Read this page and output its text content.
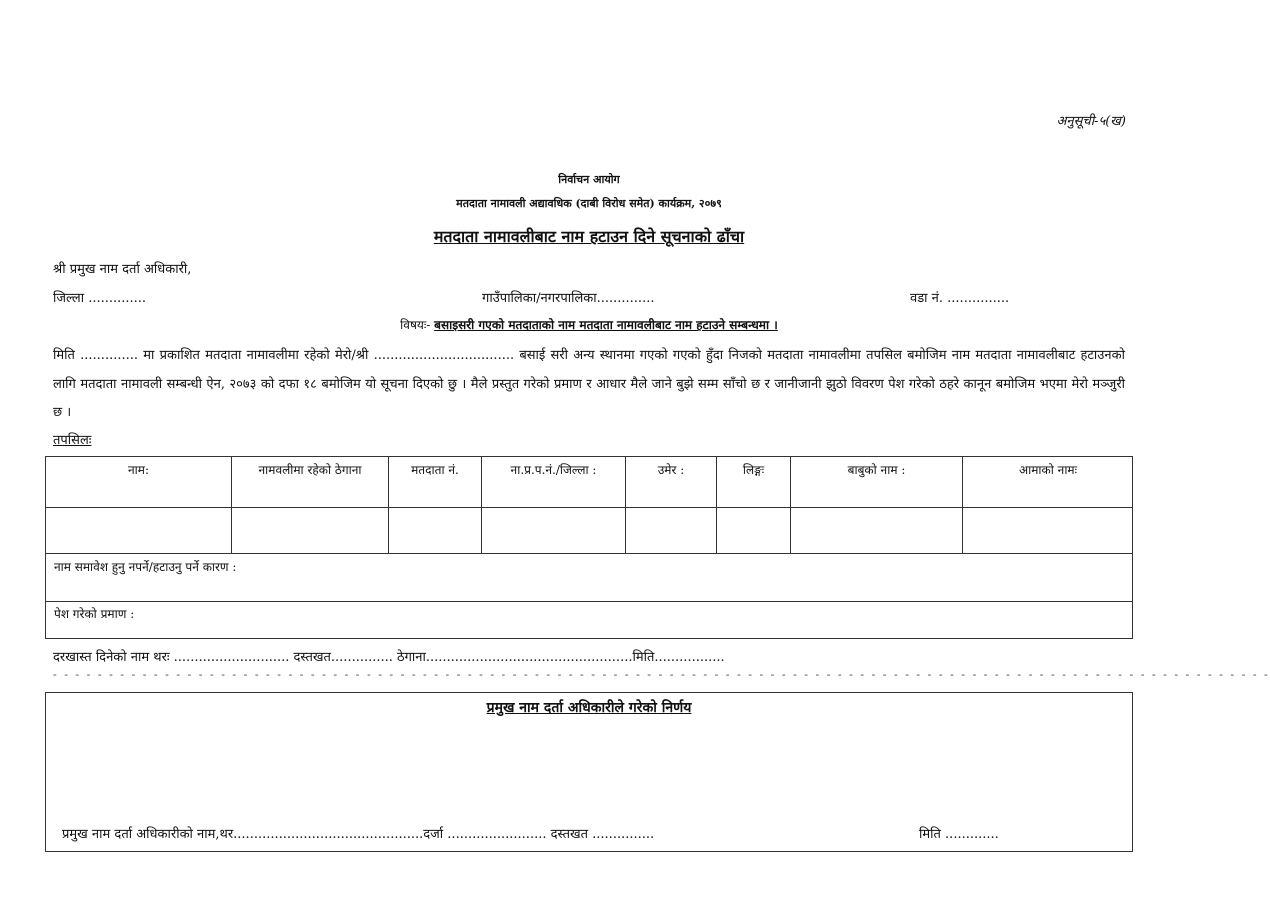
अनुसूची-५(ख)
निर्वाचन आयोग
मतदाता नामावली अद्यावधिक (दाबी विरोध समेत) कार्यक्रम, २०७९
मतदाता नामावलीबाट नाम हटाउन दिने सूचनाको ढाँचा
श्री प्रमुख नाम दर्ता अधिकारी,
जिल्ला ..............	गाउँपालिका/नगरपालिका..............	वडा नं. ...............
विषयः- बसाइसरी गएको मतदाताको नाम मतदाता नामावलीबाट नाम हटाउने सम्बन्धमा ।
मिति .............. मा प्रकाशित मतदाता नामावलीमा रहेको मेरो/श्री .................................. बसाई सरी अन्य स्थानमा गएको गएको हुँदा निजको मतदाता नामावलीमा तपसिल बमोजिम नाम मतदाता नामावलीबाट हटाउनको लागि मतदाता नामावली सम्बन्धी ऐन, २०७३ को दफा १८ बमोजिम यो सूचना दिएको छु । मैले प्रस्तुत गरेको प्रमाण र आधार मैले जाने बुझे सम्म साँचो छ र जानीजानी झुठो विवरण पेश गरेको ठहरे कानून बमोजिम भएमा मेरो मञ्जुरी छ ।
तपसिलः
नाम:	नामवलीमा रहेको ठेगाना	मतदाता नं.	ना.प्र.प.नं./जिल्ला :	उमेर :	लिङ्गः	बाबुको नाम :	आमाको नामः
नाम समावेश हुनु नपर्ने/हटाउनु पर्ने कारण :
पेश गरेको प्रमाण :
दरखास्त दिनेको नाम थरः ............................ दस्तखत............... ठेगाना..................................................मिति.................
- - - - - - - - - - - - - - - - - - - - - - - - - - - - - - - - - - - - - - - - - - - - - - - - - - - - - - - - - - - - - - - - - - - - - - - - - - - - - - - - - - - - - - - - - - - - - - - - - - - - - - - - - - - - -
प्रमुख नाम दर्ता अधिकारीले गरेको निर्णय
प्रमुख नाम दर्ता अधिकारीको नाम,थर..............................................दर्जा ........................ दस्तखत ...............	मिति .............
